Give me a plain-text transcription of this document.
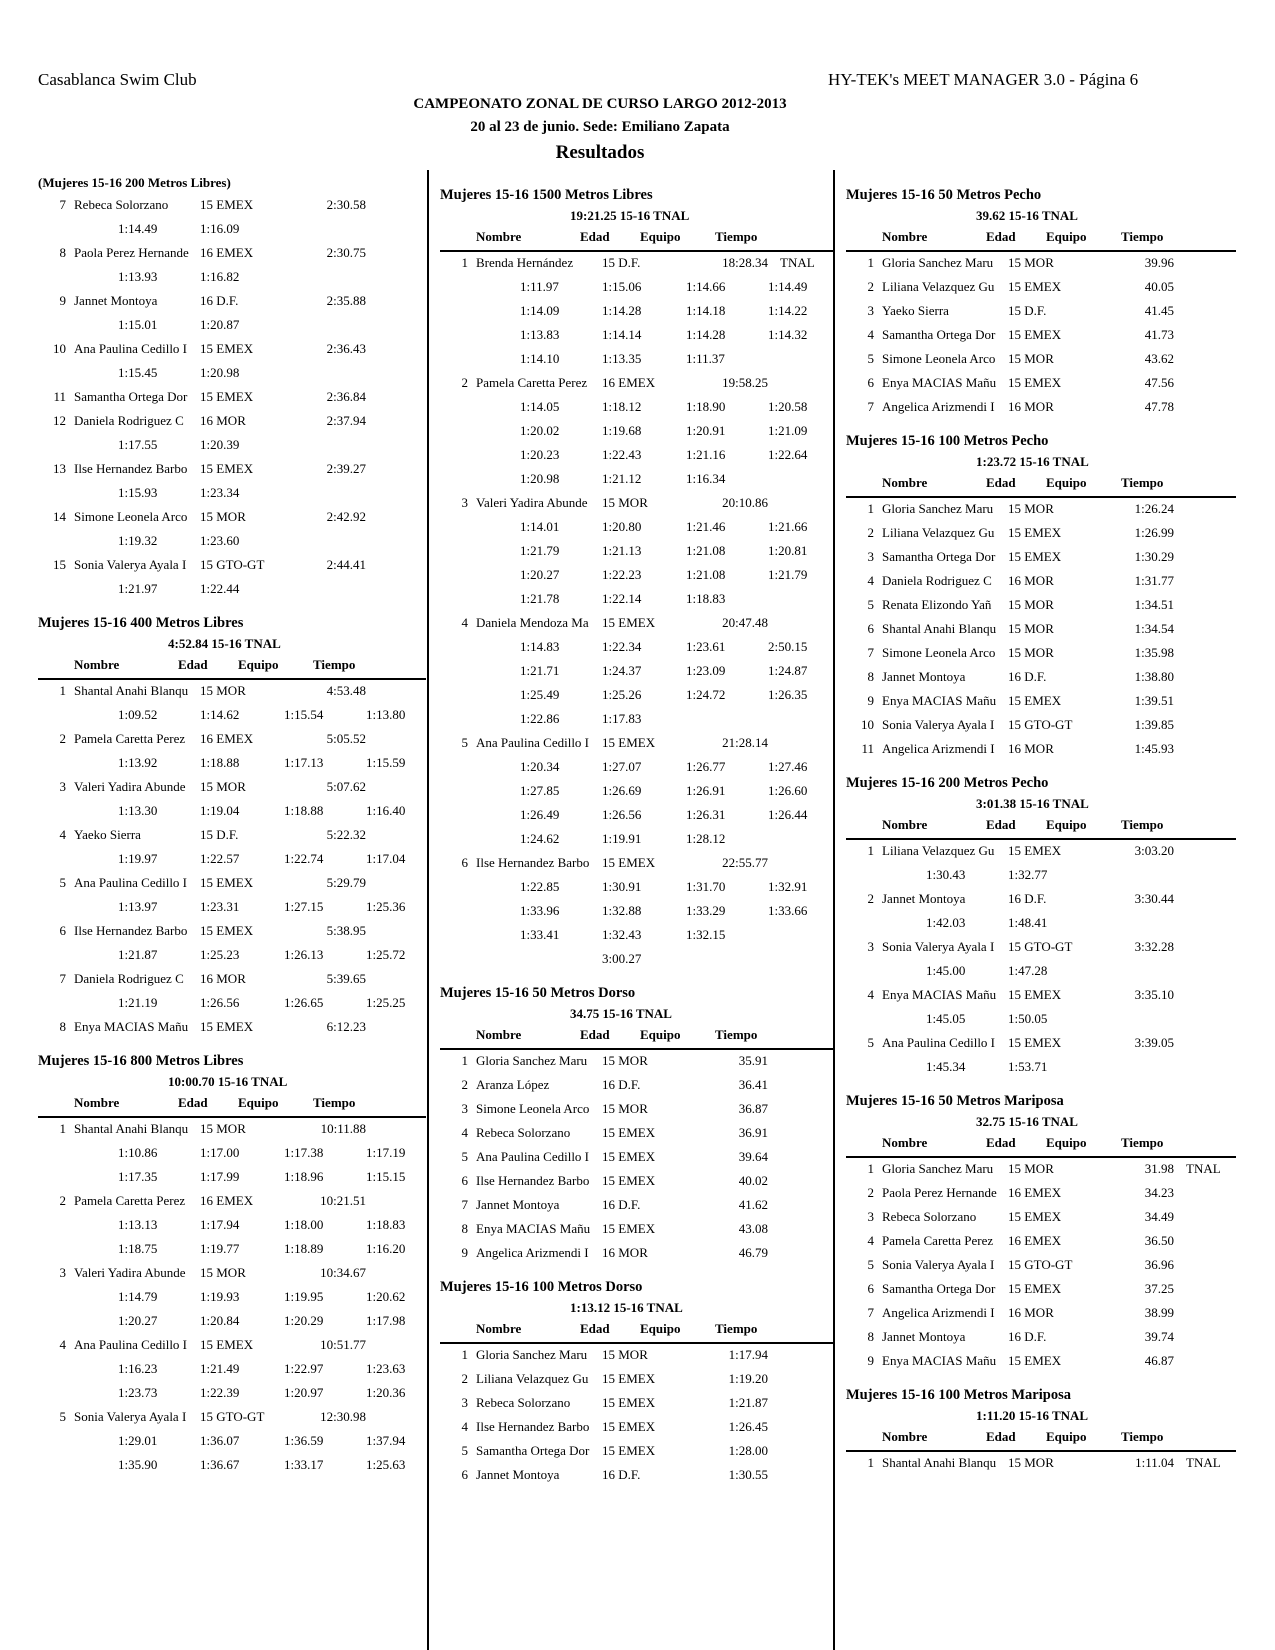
Casablanca Swim Club	HY-TEK's MEET MANAGER 3.0 - Página 6
CAMPEONATO ZONAL DE CURSO LARGO 2012-2013
20 al 23 de junio. Sede: Emiliano Zapata
Resultados
(Mujeres 15-16 200 Metros Libres)
7 Rebeca Solorzano	15 EMEX	2:30.58
1:14.49	1:16.09
8 Paola Perez Hernande 16 EMEX	2:30.75
1:13.93	1:16.82
9 Jannet Montoya	16 D.F.	2:35.88
1:15.01	1:20.87
10 Ana Paulina Cedillo I 15 EMEX	2:36.43
1:15.45	1:20.98
11 Samantha Ortega Dor 15 EMEX	2:36.84
12 Daniela Rodriguez C	16 MOR	2:37.94
1:17.55	1:20.39
13 Ilse Hernandez Barbo 15 EMEX	2:39.27
1:15.93	1:23.34
14 Simone Leonela Arco 15 MOR	2:42.92
1:19.32	1:23.60
15 Sonia Valerya Ayala I	15 GTO-GT	2:44.41
1:21.97	1:22.44
Mujeres 15-16 400 Metros Libres
4:52.84 15-16 TNAL
Nombre	Edad Equipo	Tiempo
1 Shantal Anahi Blanqu 15 MOR	4:53.48
1:09.52	1:14.62	1:15.54	1:13.80
2 Pamela Caretta Perez	16 EMEX	5:05.52
1:13.92	1:18.88	1:17.13	1:15.59
3 Valeri Yadira Abunde	15 MOR	5:07.62
1:13.30	1:19.04	1:18.88	1:16.40
4 Yaeko Sierra	15 D.F.	5:22.32
1:19.97	1:22.57	1:22.74	1:17.04
5 Ana Paulina Cedillo I 15 EMEX	5:29.79
1:13.97	1:23.31	1:27.15	1:25.36
6 Ilse Hernandez Barbo 15 EMEX	5:38.95
1:21.87	1:25.23	1:26.13	1:25.72
7 Daniela Rodriguez C	16 MOR	5:39.65
1:21.19	1:26.56	1:26.65	1:25.25
8 Enya MACIAS Mañu 15 EMEX	6:12.23
Mujeres 15-16 800 Metros Libres
10:00.70 15-16 TNAL
Nombre	Edad Equipo	Tiempo
1 Shantal Anahi Blanqu 15 MOR	10:11.88
1:10.86	1:17.00	1:17.38	1:17.19
1:17.35	1:17.99	1:18.96	1:15.15
2 Pamela Caretta Perez	16 EMEX	10:21.51
1:13.13	1:17.94	1:18.00	1:18.83
1:18.75	1:19.77	1:18.89	1:16.20
3 Valeri Yadira Abunde	15 MOR	10:34.67
1:14.79	1:19.93	1:19.95	1:20.62
1:20.27	1:20.84	1:20.29	1:17.98
4 Ana Paulina Cedillo I 15 EMEX	10:51.77
1:16.23	1:21.49	1:22.97	1:23.63
1:23.73	1:22.39	1:20.97	1:20.36
5 Sonia Valerya Ayala I	15 GTO-GT	12:30.98
1:29.01	1:36.07	1:36.59	1:37.94
1:35.90	1:36.67	1:33.17	1:25.63
Mujeres 15-16 1500 Metros Libres
19:21.25 15-16 TNAL
Nombre	Edad Equipo	Tiempo
1 Brenda Hernández	15 D.F.	18:28.34 TNAL
1:11.97	1:15.06	1:14.66	1:14.49
1:14.09	1:14.28	1:14.18	1:14.22
1:13.83	1:14.14	1:14.28	1:14.32
1:14.10	1:13.35	1:11.37
2 Pamela Caretta Perez	16 EMEX	19:58.25
1:14.05	1:18.12	1:18.90	1:20.58
1:20.02	1:19.68	1:20.91	1:21.09
1:20.23	1:22.43	1:21.16	1:22.64
1:20.98	1:21.12	1:16.34
3 Valeri Yadira Abunde	15 MOR	20:10.86
1:14.01	1:20.80	1:21.46	1:21.66
1:21.79	1:21.13	1:21.08	1:20.81
1:20.27	1:22.23	1:21.08	1:21.79
1:21.78	1:22.14	1:18.83
4 Daniela Mendoza Ma	15 EMEX	20:47.48
1:14.83	1:22.34	1:23.61	2:50.15
1:21.71	1:24.37	1:23.09	1:24.87
1:25.49	1:25.26	1:24.72	1:26.35
1:22.86	1:17.83
5 Ana Paulina Cedillo I 15 EMEX	21:28.14
1:20.34	1:27.07	1:26.77	1:27.46
1:27.85	1:26.69	1:26.91	1:26.60
1:26.49	1:26.56	1:26.31	1:26.44
1:24.62	1:19.91	1:28.12
6 Ilse Hernandez Barbo 15 EMEX	22:55.77
1:22.85	1:30.91	1:31.70	1:32.91
1:33.96	1:32.88	1:33.29	1:33.66
1:33.41	1:32.43	1:32.15
3:00.27
Mujeres 15-16 50 Metros Dorso
34.75 15-16 TNAL
Nombre	Edad Equipo	Tiempo
1 Gloria Sanchez Maru	15 MOR	35.91
2 Aranza López	16 D.F.	36.41
3 Simone Leonela Arco 15 MOR	36.87
4 Rebeca Solorzano	15 EMEX	36.91
5 Ana Paulina Cedillo I 15 EMEX	39.64
6 Ilse Hernandez Barbo 15 EMEX	40.02
7 Jannet Montoya	16 D.F.	41.62
8 Enya MACIAS Mañu 15 EMEX	43.08
9 Angelica Arizmendi I	16 MOR	46.79
Mujeres 15-16 100 Metros Dorso
1:13.12 15-16 TNAL
Nombre	Edad Equipo	Tiempo
1 Gloria Sanchez Maru	15 MOR	1:17.94
2 Liliana Velazquez Gu	15 EMEX	1:19.20
3 Rebeca Solorzano	15 EMEX	1:21.87
4 Ilse Hernandez Barbo 15 EMEX	1:26.45
5 Samantha Ortega Dor 15 EMEX	1:28.00
6 Jannet Montoya	16 D.F.	1:30.55
Mujeres 15-16 50 Metros Pecho
39.62 15-16 TNAL
Nombre	Edad Equipo	Tiempo
1 Gloria Sanchez Maru	15 MOR	39.96
2 Liliana Velazquez Gu	15 EMEX	40.05
3 Yaeko Sierra	15 D.F.	41.45
4 Samantha Ortega Dor 15 EMEX	41.73
5 Simone Leonela Arco 15 MOR	43.62
6 Enya MACIAS Mañu 15 EMEX	47.56
7 Angelica Arizmendi I	16 MOR	47.78
Mujeres 15-16 100 Metros Pecho
1:23.72 15-16 TNAL
Nombre	Edad Equipo	Tiempo
1 Gloria Sanchez Maru	15 MOR	1:26.24
2 Liliana Velazquez Gu	15 EMEX	1:26.99
3 Samantha Ortega Dor 15 EMEX	1:30.29
4 Daniela Rodriguez C	16 MOR	1:31.77
5 Renata Elizondo Yañ	15 MOR	1:34.51
6 Shantal Anahi Blanqu 15 MOR	1:34.54
7 Simone Leonela Arco 15 MOR	1:35.98
8 Jannet Montoya	16 D.F.	1:38.80
9 Enya MACIAS Mañu 15 EMEX	1:39.51
10 Sonia Valerya Ayala I	15 GTO-GT	1:39.85
11 Angelica Arizmendi I	16 MOR	1:45.93
Mujeres 15-16 200 Metros Pecho
3:01.38 15-16 TNAL
Nombre	Edad Equipo	Tiempo
1 Liliana Velazquez Gu	15 EMEX	3:03.20
1:30.43	1:32.77
2 Jannet Montoya	16 D.F.	3:30.44
1:42.03	1:48.41
3 Sonia Valerya Ayala I	15 GTO-GT	3:32.28
1:45.00	1:47.28
4 Enya MACIAS Mañu 15 EMEX	3:35.10
1:45.05	1:50.05
5 Ana Paulina Cedillo I 15 EMEX	3:39.05
1:45.34	1:53.71
Mujeres 15-16 50 Metros Mariposa
32.75 15-16 TNAL
Nombre	Edad Equipo	Tiempo
1 Gloria Sanchez Maru	15 MOR	31.98 TNAL
2 Paola Perez Hernande 16 EMEX	34.23
3 Rebeca Solorzano	15 EMEX	34.49
4 Pamela Caretta Perez	16 EMEX	36.50
5 Sonia Valerya Ayala I	15 GTO-GT	36.96
6 Samantha Ortega Dor 15 EMEX	37.25
7 Angelica Arizmendi I	16 MOR	38.99
8 Jannet Montoya	16 D.F.	39.74
9 Enya MACIAS Mañu 15 EMEX	46.87
Mujeres 15-16 100 Metros Mariposa
1:11.20 15-16 TNAL
Nombre	Edad Equipo	Tiempo
1 Shantal Anahi Blanqu 15 MOR	1:11.04 TNAL
